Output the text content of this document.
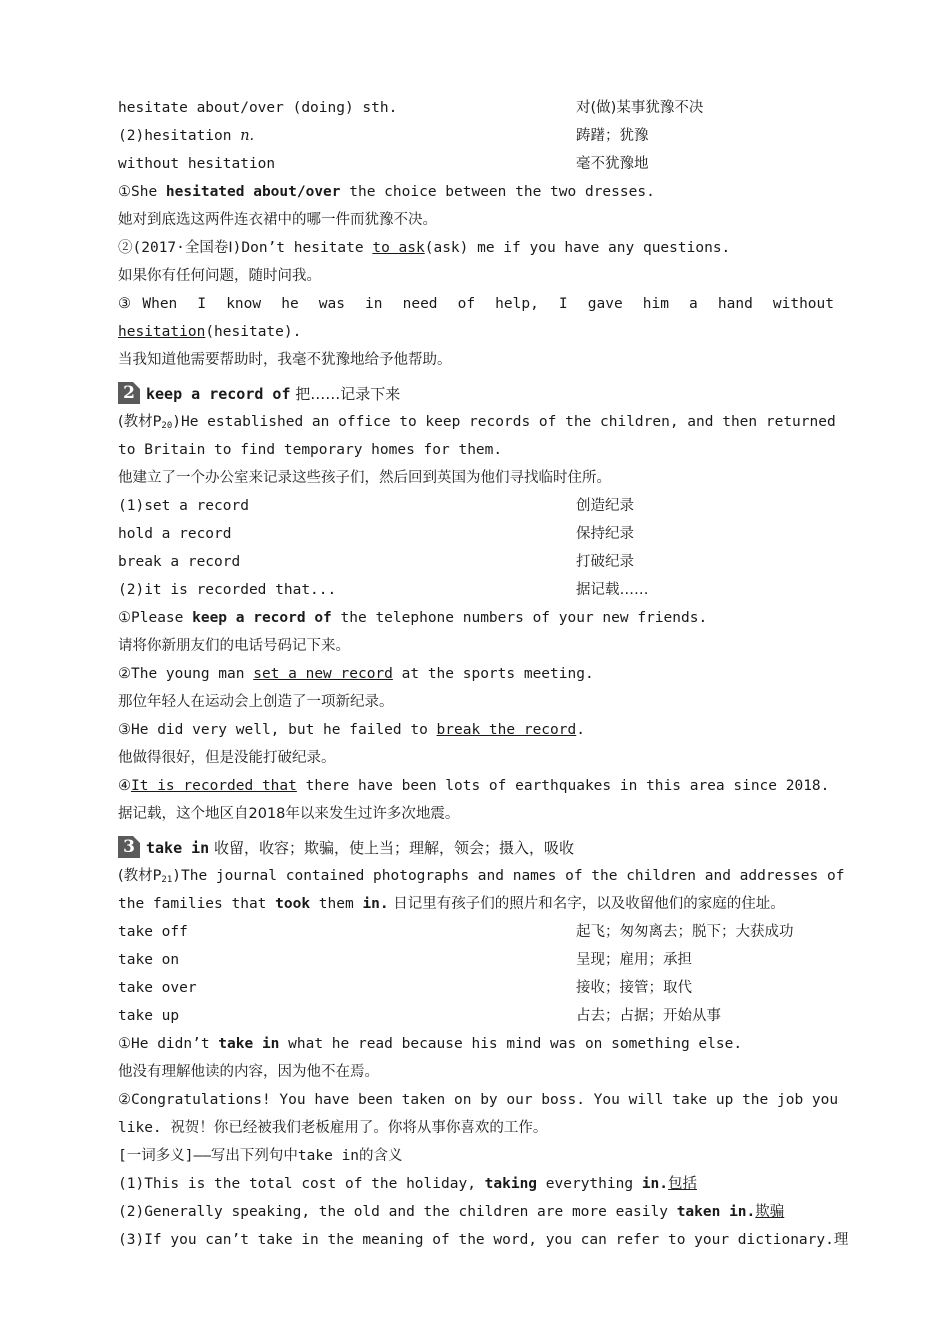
hesitate about/over (doing) sth.	对(做)某事犹豫不决
(2)hesitation n.	踌躇；犹豫
without hesitation	毫不犹豫地
①She hesitated about/over the choice between the two dresses.
她对到底选这两件连衣裙中的哪一件而犹豫不决。
②(2017·全国卷Ⅰ)Don’t hesitate to ask(ask) me if you have any questions.
如果你有任何问题，随时问我。
③When I know he was in need of help, I gave him a hand without
hesitation(hesitate).
当我知道他需要帮助时，我毫不犹豫地给予他帮助。
2 keep a record of 把……记录下来
(教材$P_{20})He$ established an office to keep records of the children, and then returned
to Britain to find temporary homes for them.
他建立了一个办公室来记录这些孩子们，然后回到英国为他们寻找临时住所。
(1)set a record	创造纪录
hold a record	保持纪录
break a record	打破纪录
(2)it is recorded that...	据记载……
①Please keep a record of the telephone numbers of your new friends.
请将你新朋友们的电话号码记下来。
②The young man set a new record at the sports meeting.
那位年轻人在运动会上创造了一项新纪录。
③He did very well, but he failed to break the record.
他做得很好，但是没能打破纪录。
④It is recorded that there have been lots of earthquakes in this area since 2018.
据记载，这个地区自2018年以来发生过许多次地震。
3 take in 收留，收容；欺骗，使上当；理解，领会；摄入，吸收
(教材$P_{21})The$ journal contained photographs and names of the children and addresses of
the families that took them in. 日记里有孩子们的照片和名字，以及收留他们的家庭的住址。
take off	起飞；匆匆离去；脱下；大获成功
take on	呈现；雇用；承担
take over	接收；接管；取代
take up	占去；占据；开始从事
①He didn’t take in what he read because his mind was on something else.
他没有理解他读的内容，因为他不在焉。
②Congratulations! You have been taken on by our boss. You will take up the job you
like. 祝贺！你已经被我们老板雇用了。你将从事你喜欢的工作。
[一词多义]——写出下列句中take in的含义
(1)This is the total cost of the holiday, taking everything in.包括
(2)Generally speaking, the old and the children are more easily taken in.欺骗
(3)If you can’t take in the meaning of the word, you can refer to your dictionary.理
